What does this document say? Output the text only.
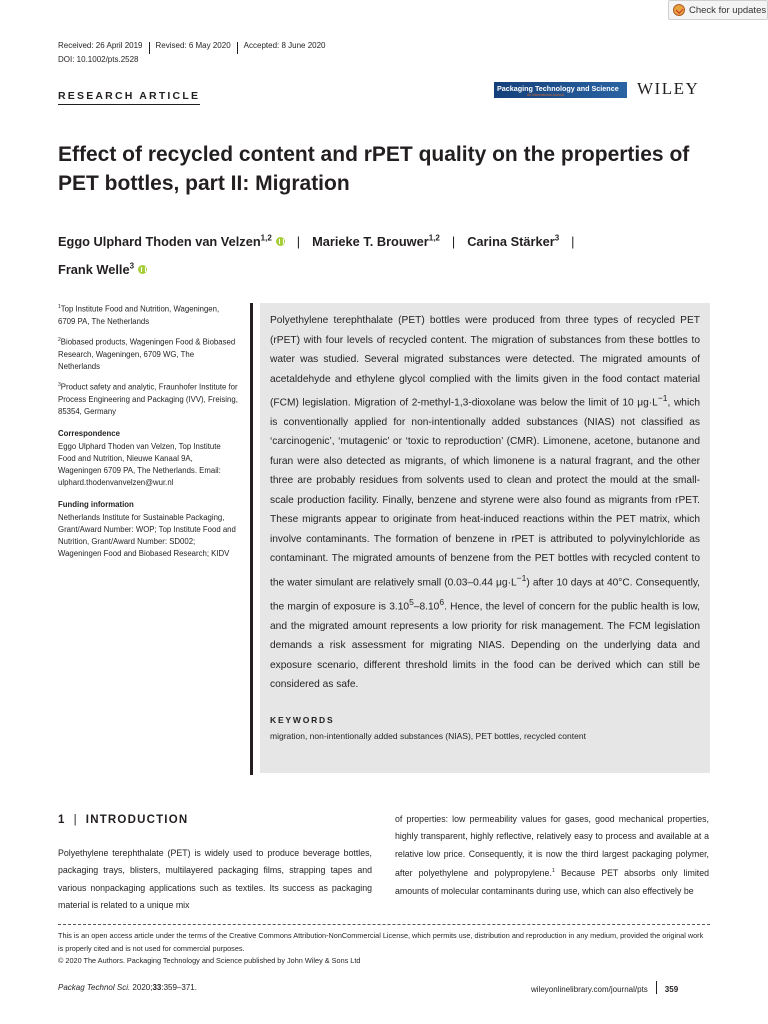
Check for updates
Received: 26 April 2019 Revised: 6 May 2020 Accepted: 8 June 2020
DOI: 10.1002/pts.2528
RESEARCH ARTICLE
Packaging Technology and Science
An International Journal	WILEY
Effect of recycled content and rPET quality on the properties of PET bottles, part II: Migration
Eggo Ulphard Thoden van Velzen$^{1,2}$ | Marieke T. Brouwer$^{1,2}$ | Carina Stärker$^3$ |
Frank Welle$^3$

$^1$Top Institute Food and Nutrition, Wageningen, 6709 PA, The Netherlands

$^2$Biobased products, Wageningen Food & Biobased Research, Wageningen, 6709 WG, The Netherlands

$^3$Product safety and analytic, Fraunhofer Institute for Process Engineering and Packaging (IVV), Freising, 85354, Germany

Correspondence

Eggo Ulphard Thoden van Velzen, Top Institute Food and Nutrition, Nieuwe Kanaal 9A, Wageningen 6709 PA, The Netherlands. Email: ulphard.thodenvanvelzen@wur.nl

Funding information

Netherlands Institute for Sustainable Packaging, Grant/Award Number: WOP; Top Institute Food and Nutrition, Grant/Award Number: SD002; Wageningen Food and Biobased Research; KIDV

Polyethylene terephthalate (PET) bottles were produced from three types of recycled PET (rPET) with four levels of recycled content. The migration of substances from these bottles to water was studied. Several migrated substances were detected. The migrated amounts of acetaldehyde and ethylene glycol complied with the limits given in the food contact material (FCM) legislation. Migration of 2-methyl-1,3-dioxolane was below the limit of 10 $\mu g\cdot L^{-1}$, which is conventionally applied for non-intentionally added substances (NIAS) not classified as ‘carcinogenic’, ‘mutagenic’ or ‘toxic to reproduction’ (CMR). Limonene, acetone, butanone and furan were also detected as migrants, of which limonene is a natural fragrant, and the other three are probably residues from solvents used to clean and protect the mould at the small-scale production facility. Finally, benzene and styrene were also found as migrants from rPET. These migrants appear to originate from heat-induced reactions within the PET matrix, which involve contaminants. The formation of benzene in rPET is attributed to polyvinylchloride as contaminant. The migrated amounts of benzene from the PET bottles with recycled content to the water simulant are relatively small (0.03–0.44 $\mu g\cdot L^{-1}$) after 10 days at 40°C. Consequently, the margin of exposure is 3.10$^5$–8.10$^6$. Hence, the level of concern for the public health is low, and the migrated amount represents a low priority for risk management. The FCM legislation demands a risk assessment for migrating NIAS. Depending on the underlying data and exposure scenario, different threshold limits in the food can be derived which can still be considered as safe.
KEYWORDS
migration, non-intentionally added substances (NIAS), PET bottles, recycled content
1 | INTRODUCTION
Polyethylene terephthalate (PET) is widely used to produce beverage bottles, packaging trays, blisters, multilayered packaging films, strapping tapes and various nonpackaging applications such as textiles. Its success as packaging material is related to a unique mix
of properties: low permeability values for gases, good mechanical properties, highly transparent, highly reflective, relatively easy to process and available at a relative low price. Consequently, it is now the third largest packaging polymer, after polyethylene and polypropylene.$^1$ Because PET absorbs only limited amounts of molecular contaminants during use, which can also effectively be
This is an open access article under the terms of the Creative Commons Attribution-NonCommercial License, which permits use, distribution and reproduction in any medium, provided the original work is properly cited and is not used for commercial purposes.
© 2020 The Authors. Packaging Technology and Science published by John Wiley & Sons Ltd
Packag Technol Sci. 2020;33:359–371.	wileyonlinelibrary.com/journal/pts 359
